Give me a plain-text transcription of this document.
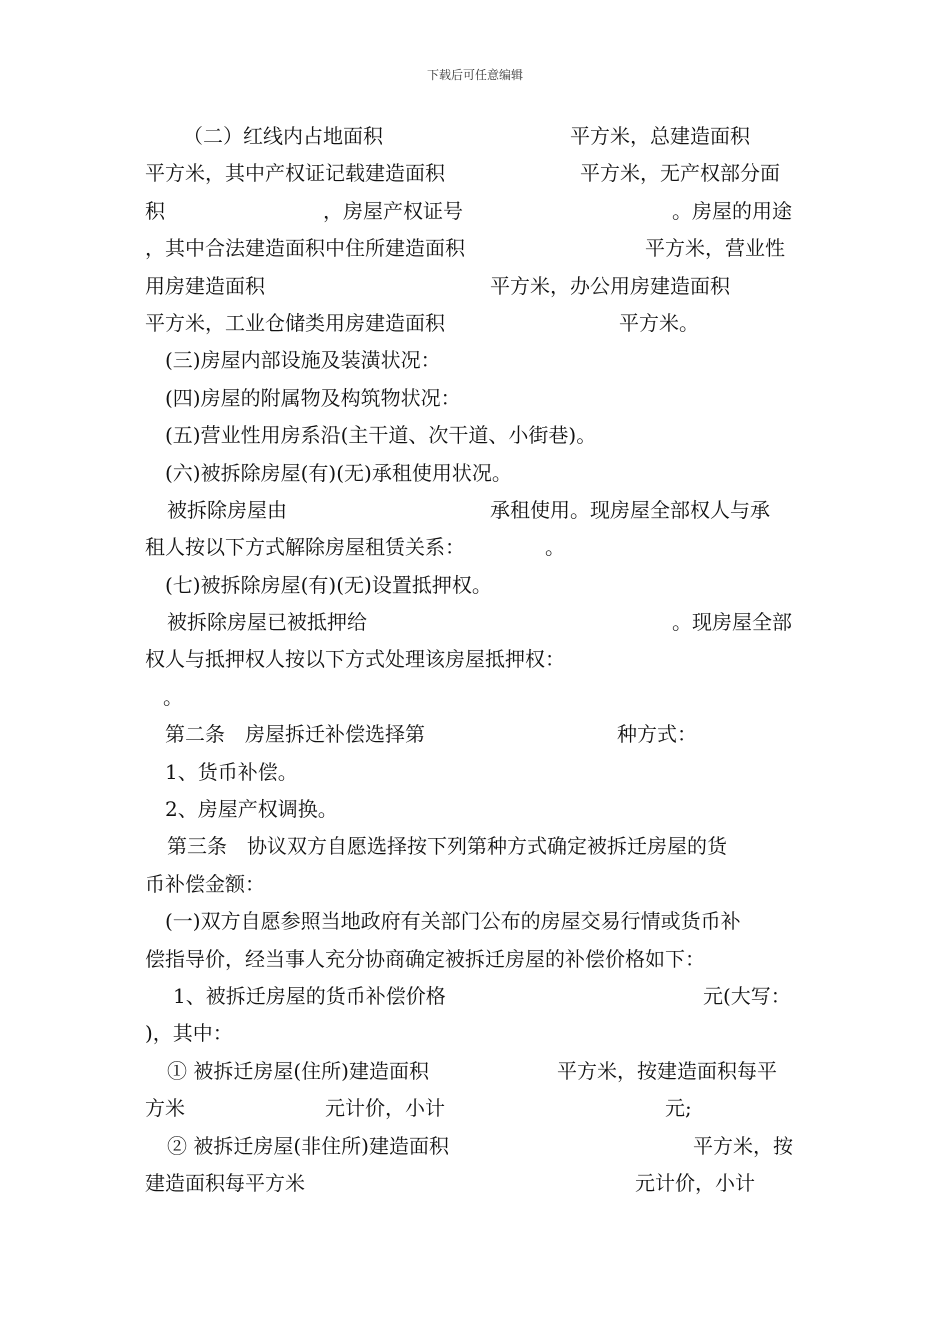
下载后可任意编辑
（二）红线内占地面积	平方米，总建造面积
平方米，其中产权证记载建造面积	平方米，无产权部分面
积	，房屋产权证号	。房屋的用途
，其中合法建造面积中住所建造面积	平方米，营业性
用房建造面积	平方米，办公用房建造面积
平方米，工业仓储类用房建造面积	平方米。
(三)房屋内部设施及装潢状况：
(四)房屋的附属物及构筑物状况：
(五)营业性用房系沿(主干道、次干道、小街巷)。
(六)被拆除房屋(有)(无)承租使用状况。
被拆除房屋由	承租使用。现房屋全部权人与承
租人按以下方式解除房屋租赁关系：	。
(七)被拆除房屋(有)(无)设置抵押权。
被拆除房屋已被抵押给	。现房屋全部
权人与抵押权人按以下方式处理该房屋抵押权：
。
第二条　房屋拆迁补偿选择第	种方式：
1、货币补偿。
2、房屋产权调换。
第三条　协议双方自愿选择按下列第种方式确定被拆迁房屋的货
币补偿金额：
(一)双方自愿参照当地政府有关部门公布的房屋交易行情或货币补
偿指导价，经当事人充分协商确定被拆迁房屋的补偿价格如下：
1、被拆迁房屋的货币补偿价格	元(大写：
)，其中：
① 被拆迁房屋(住所)建造面积	平方米，按建造面积每平
方米	元计价，小计	元;
② 被拆迁房屋(非住所)建造面积	平方米，按
建造面积每平方米	元计价，小计
